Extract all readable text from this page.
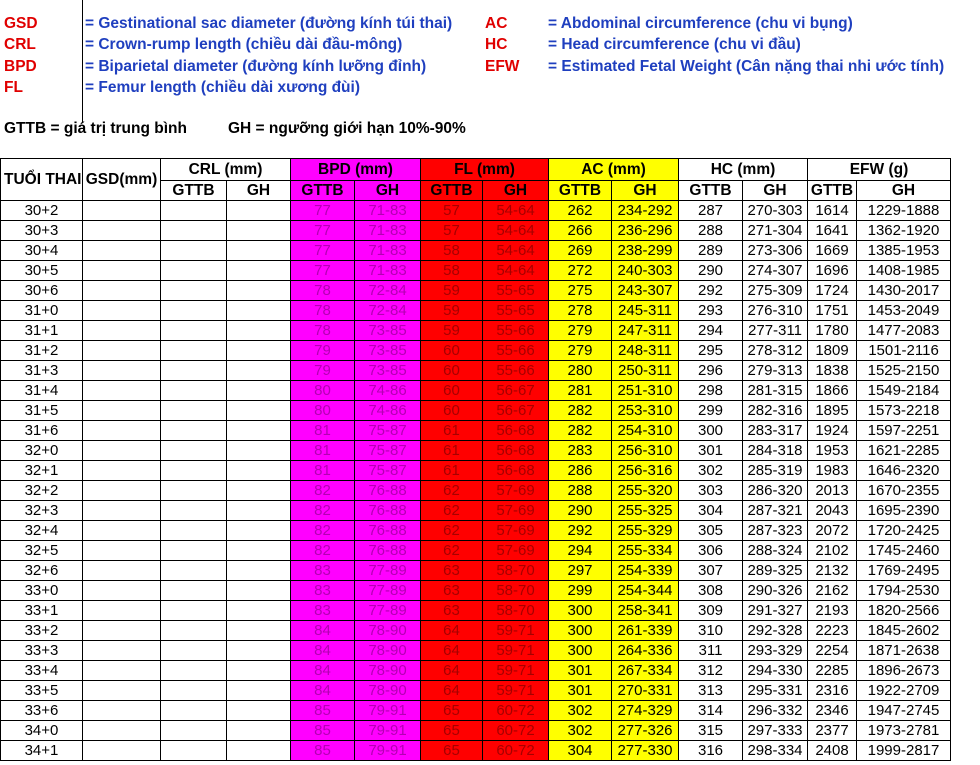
GSD	= Gestinational sac diameter (đường kính túi thai)
CRL	= Crown-rump length (chiều dài đầu-mông)
BPD	= Biparietal diameter (đường kính lưỡng đỉnh)
FL	= Femur length (chiều dài xương đùi)
AC	= Abdominal circumference (chu vi bụng)
HC	= Head circumference (chu vi đầu)
EFW = Estimated Fetal Weight (Cân nặng thai nhi ước tính)
GTTB = giá trị trung bình	GH = ngưỡng giới hạn 10%-90%
TUỔI THAI	GSD(mm)	CRL (mm)		BPD (mm)		FL (mm)		AC (mm)		HC (mm)		EFW (g)	
		GTTB	GH	GTTB	GH	GTTB	GH	GTTB	GH	GTTB	GH	GTTB	GH
30+2				77	71-83	57	54-64	262	234-292	287	270-303	1614	1229-1888
30+3				77	71-83	57	54-64	266	236-296	288	271-304	1641	1362-1920
30+4				77	71-83	58	54-64	269	238-299	289	273-306	1669	1385-1953
30+5				77	71-83	58	54-64	272	240-303	290	274-307	1696	1408-1985
30+6				78	72-84	59	55-65	275	243-307	292	275-309	1724	1430-2017
31+0				78	72-84	59	55-65	278	245-311	293	276-310	1751	1453-2049
31+1				78	73-85	59	55-66	279	247-311	294	277-311	1780	1477-2083
31+2				79	73-85	60	55-66	279	248-311	295	278-312	1809	1501-2116
31+3				79	73-85	60	55-66	280	250-311	296	279-313	1838	1525-2150
31+4				80	74-86	60	56-67	281	251-310	298	281-315	1866	1549-2184
31+5				80	74-86	60	56-67	282	253-310	299	282-316	1895	1573-2218
31+6				81	75-87	61	56-68	282	254-310	300	283-317	1924	1597-2251
32+0				81	75-87	61	56-68	283	256-310	301	284-318	1953	1621-2285
32+1				81	75-87	61	56-68	286	256-316	302	285-319	1983	1646-2320
32+2				82	76-88	62	57-69	288	255-320	303	286-320	2013	1670-2355
32+3				82	76-88	62	57-69	290	255-325	304	287-321	2043	1695-2390
32+4				82	76-88	62	57-69	292	255-329	305	287-323	2072	1720-2425
32+5				82	76-88	62	57-69	294	255-334	306	288-324	2102	1745-2460
32+6				83	77-89	63	58-70	297	254-339	307	289-325	2132	1769-2495
33+0				83	77-89	63	58-70	299	254-344	308	290-326	2162	1794-2530
33+1				83	77-89	63	58-70	300	258-341	309	291-327	2193	1820-2566
33+2				84	78-90	64	59-71	300	261-339	310	292-328	2223	1845-2602
33+3				84	78-90	64	59-71	300	264-336	311	293-329	2254	1871-2638
33+4				84	78-90	64	59-71	301	267-334	312	294-330	2285	1896-2673
33+5				84	78-90	64	59-71	301	270-331	313	295-331	2316	1922-2709
33+6				85	79-91	65	60-72	302	274-329	314	296-332	2346	1947-2745
34+0				85	79-91	65	60-72	302	277-326	315	297-333	2377	1973-2781
34+1				85	79-91	65	60-72	304	277-330	316	298-334	2408	1999-2817
